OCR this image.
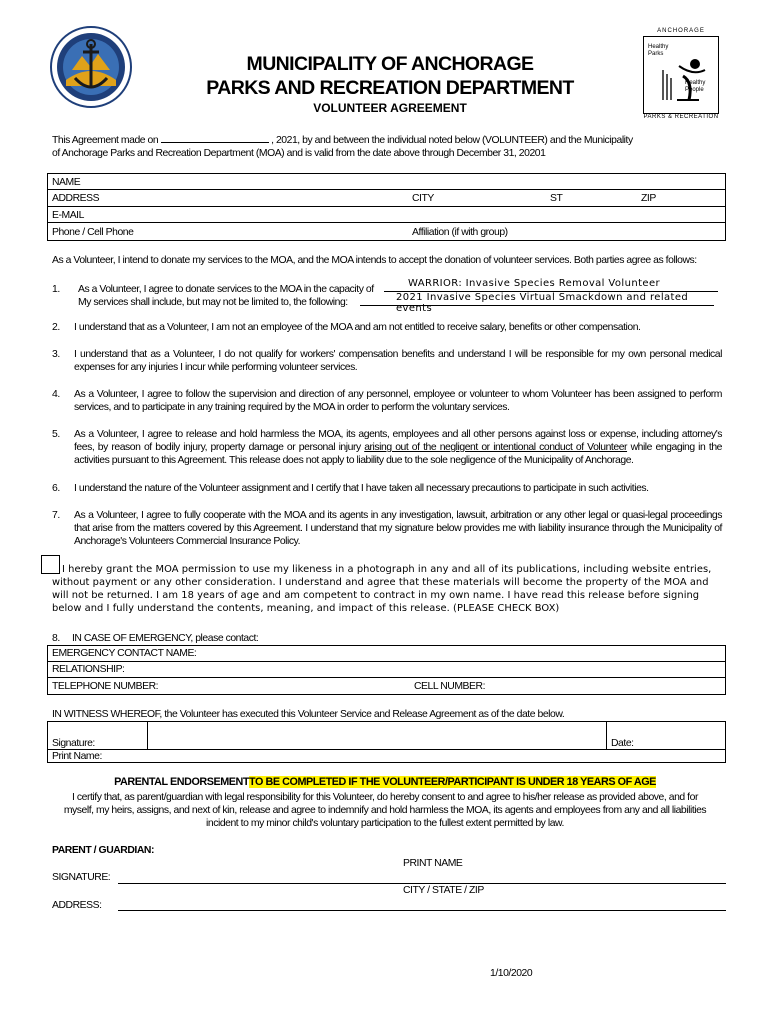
MUNICIPALITY OF ANCHORAGE
PARKS AND RECREATION DEPARTMENT
VOLUNTEER AGREEMENT
ANCHORAGE
Healthy Parks
Healthy People
PARKS & RECREATION
This Agreement made on	, 2021, by and between the individual noted below (VOLUNTEER) and the Municipality
of Anchorage Parks and Recreation Department (MOA) and is valid from the date above through December 31, 20201
NAME
ADDRESS	CITY	ST	ZIP
E-MAIL
Phone / Cell Phone	Affiliation (if with group)
As a Volunteer, I intend to donate my services to the MOA, and the MOA intends to accept the donation of volunteer services. Both parties agree as follows:
1.	As a Volunteer, I agree to donate services to the MOA in the capacity of
WARRIOR: Invasive Species Removal Volunteer
My services shall include, but may not be limited to, the following:	2021 Invasive Species Virtual Smackdown and related events
2.	I understand that as a Volunteer, I am not an employee of the MOA and am not entitled to receive salary, benefits or other compensation.
3.	I understand that as a Volunteer, I do not qualify for workers' compensation benefits and understand I will be responsible for my own personal medical expenses for any injuries I incur while performing volunteer services.
4.	As a Volunteer, I agree to follow the supervision and direction of any personnel, employee or volunteer to whom Volunteer has been assigned to perform services, and to participate in any training required by the MOA in order to perform the voluntary services.
5.	As a Volunteer, I agree to release and hold harmless the MOA, its agents, employees and all other persons against loss or expense, including attorney's fees, by reason of bodily injury, property damage or personal injury arising out of the negligent or intentional conduct of Volunteer while engaging in the activities pursuant to this Agreement. This release does not apply to liability due to the sole negligence of the Municipality of Anchorage.
6.	I understand the nature of the Volunteer assignment and I certify that I have taken all necessary precautions to participate in such activities.
7.	As a Volunteer, I agree to fully cooperate with the MOA and its agents in any investigation, lawsuit, arbitration or any other legal or quasi-legal proceedings that arise from the matters covered by this Agreement. I understand that my signature below provides me with liability insurance through the Municipality of Anchorage's Volunteers Commercial Insurance Policy.
I hereby grant the MOA permission to use my likeness in a photograph in any and all of its publications, including website entries,
without payment or any other consideration. I understand and agree that these materials will become the property of the MOA and
will not be returned. I am 18 years of age and am competent to contract in my own name. I have read this release before signing
below and I fully understand the contents, meaning, and impact of this release. (PLEASE CHECK BOX)
8.     IN CASE OF EMERGENCY, please contact:
EMERGENCY CONTACT NAME:
RELATIONSHIP:
TELEPHONE NUMBER:	CELL NUMBER:
IN WITNESS WHEREOF, the Volunteer has executed this Volunteer Service and Release Agreement as of the date below.
Signature:	Date:
Print Name:
PARENTAL ENDORSEMENTTO BE COMPLETED IF THE VOLUNTEER/PARTICIPANT IS UNDER 18 YEARS OF AGE
I certify that, as parent/guardian with legal responsibility for this Volunteer, do hereby consent to and agree to his/her release as provided above, and for
myself, my heirs, assigns, and next of kin, release and agree to indemnify and hold harmless the MOA, its agents and employees from any and all liabilities
incident to my minor child's voluntary participation to the fullest extent permitted by law.
PARENT / GUARDIAN:
PRINT NAME
SIGNATURE:
CITY / STATE / ZIP
ADDRESS:
1/10/2020
